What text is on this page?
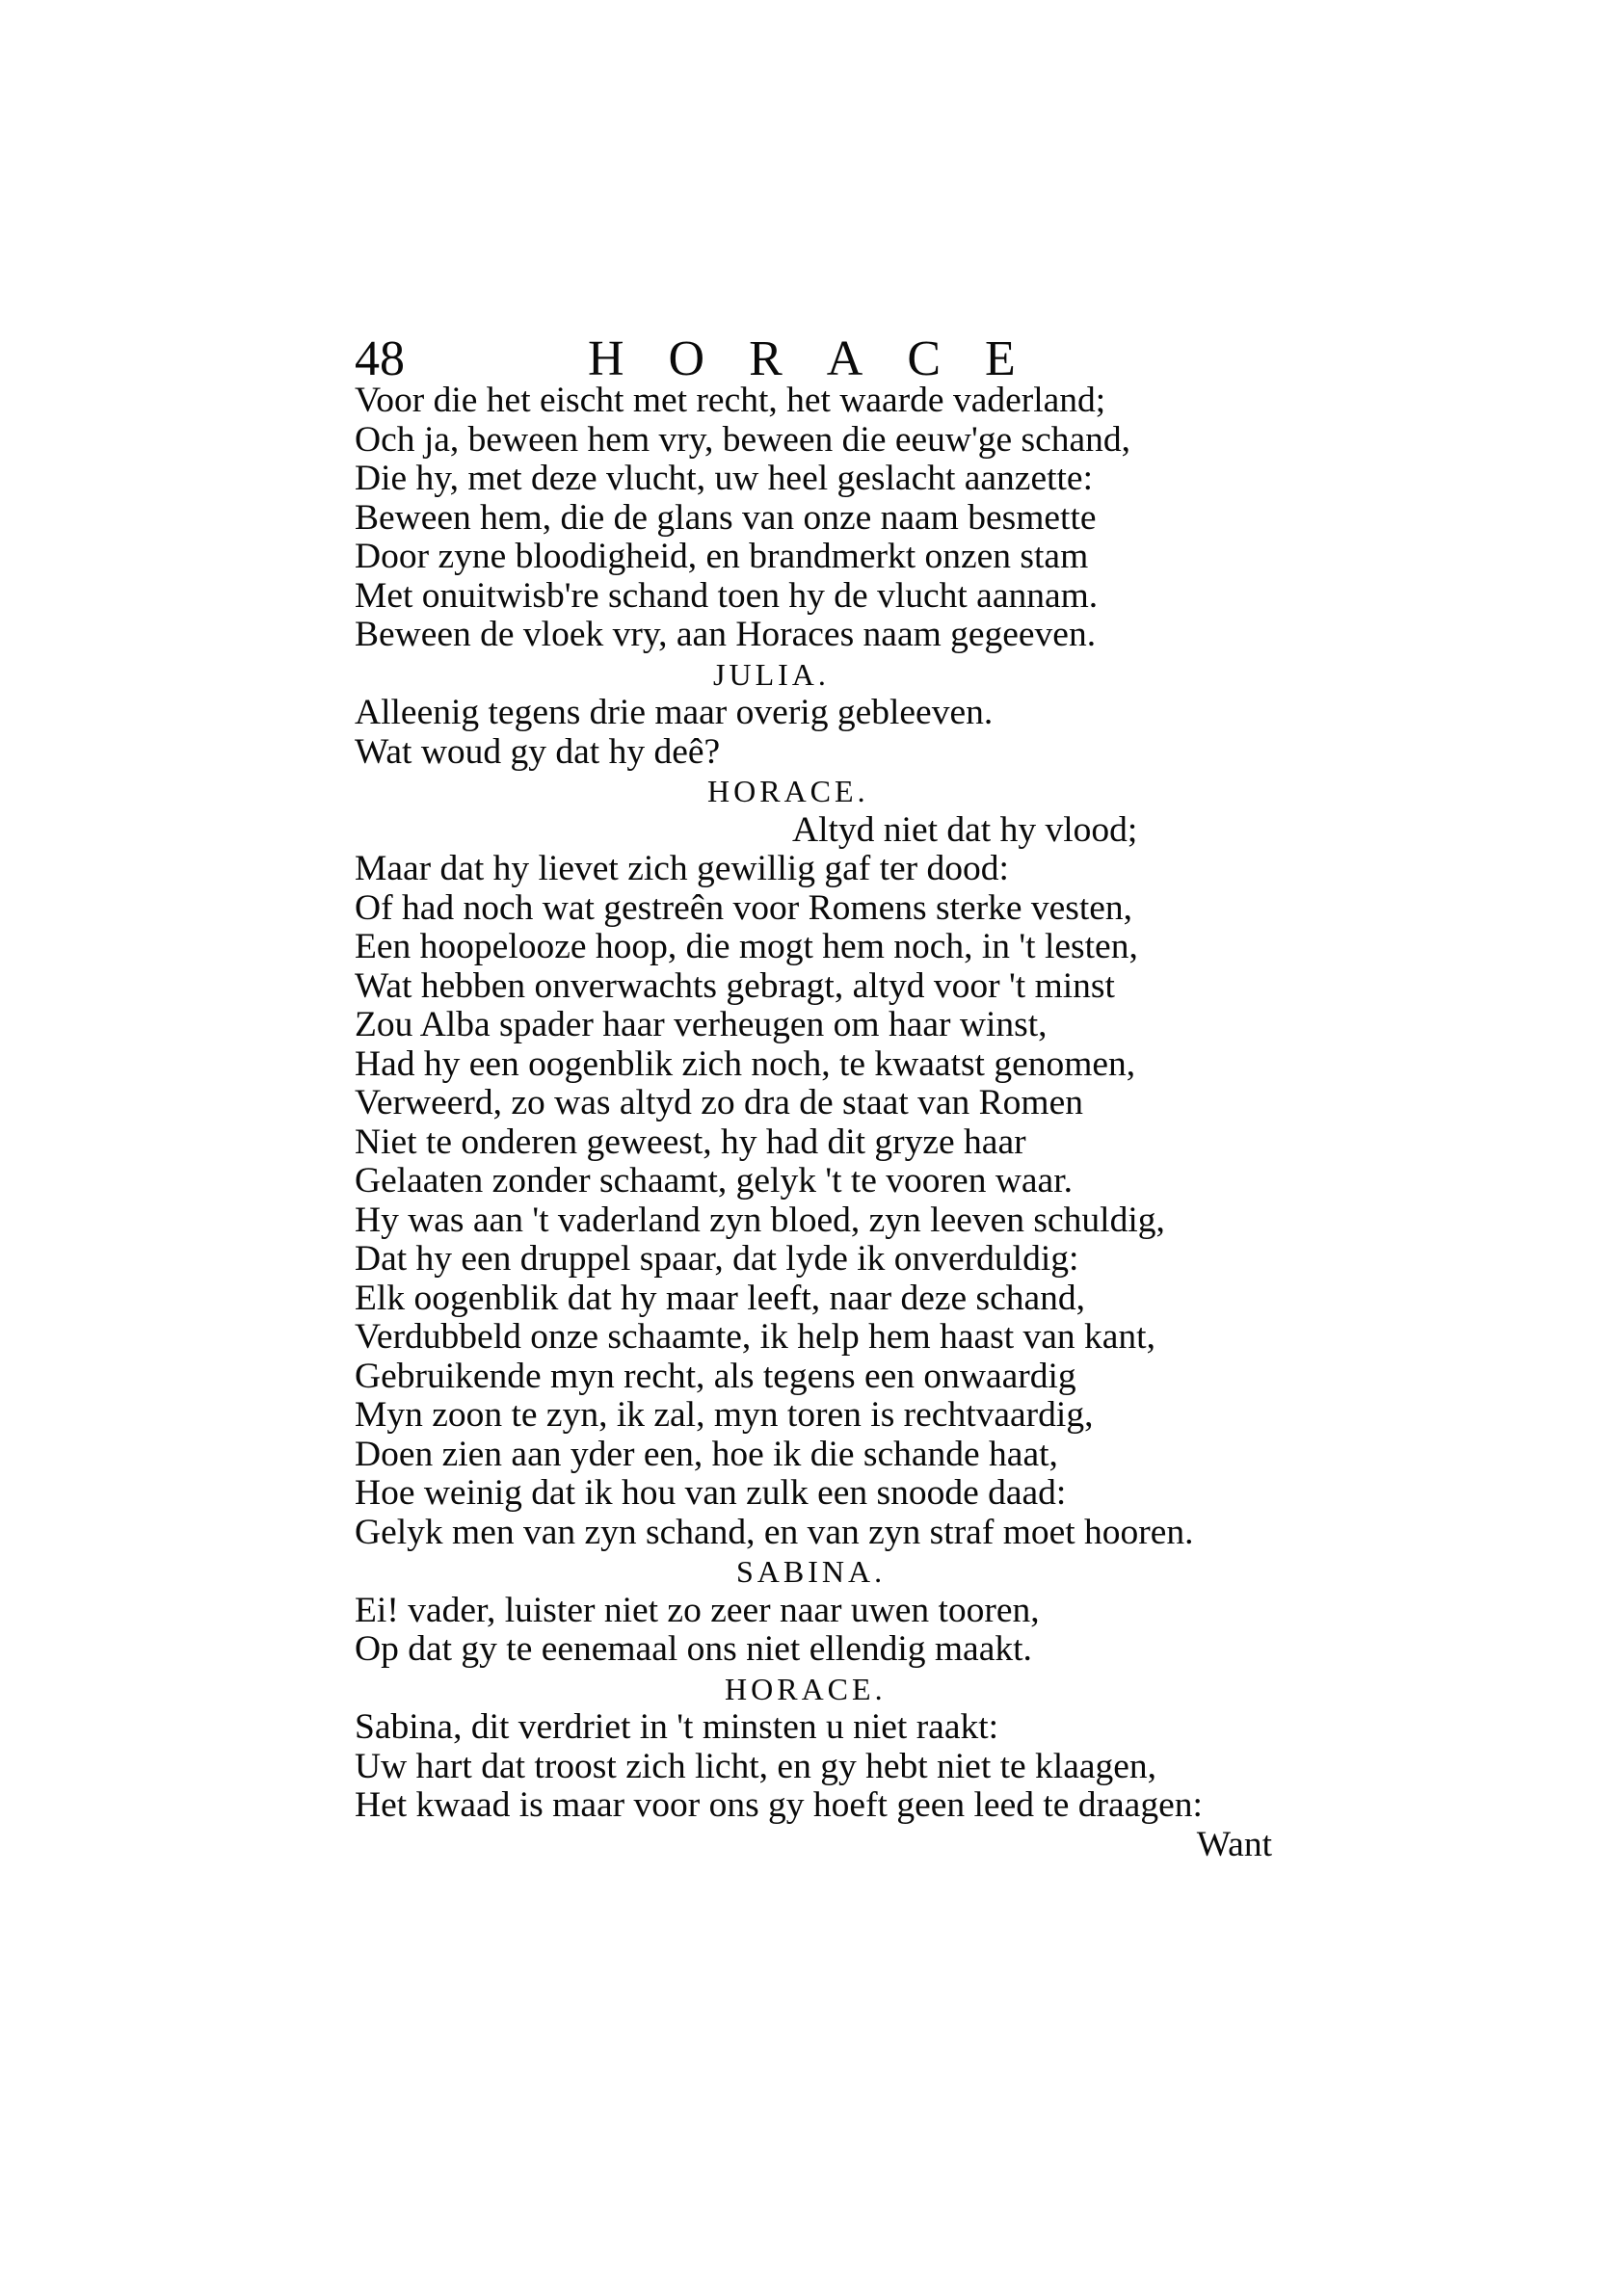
48	HORACE
Voor die het eischt met recht, het waarde vaderland;
Och ja, beween hem vry, beween die eeuw'ge schand,
Die hy, met deze vlucht, uw heel geslacht aanzette:
Beween hem, die de glans van onze naam besmette
Door zyne bloodigheid, en brandmerkt onzen stam
Met onuitwisb're schand toen hy de vlucht aannam.
Beween de vloek vry, aan Horaces naam gegeeven.
JULIA.
Alleenig tegens drie maar overig gebleeven.
Wat woud gy dat hy deê?
HORACE.
Altyd niet dat hy vlood;
Maar dat hy lievet zich gewillig gaf ter dood:
Of had noch wat gestreên voor Romens sterke vesten,
Een hoopelooze hoop, die mogt hem noch, in 't lesten,
Wat hebben onverwachts gebragt, altyd voor 't minst
Zou Alba spader haar verheugen om haar winst,
Had hy een oogenblik zich noch, te kwaatst genomen,
Verweerd, zo was altyd zo dra de staat van Romen
Niet te onderen geweest, hy had dit gryze haar
Gelaaten zonder schaamt, gelyk 't te vooren waar.
Hy was aan 't vaderland zyn bloed, zyn leeven schuldig,
Dat hy een druppel spaar, dat lyde ik onverduldig:
Elk oogenblik dat hy maar leeft, naar deze schand,
Verdubbeld onze schaamte, ik help hem haast van kant,
Gebruikende myn recht, als tegens een onwaardig
Myn zoon te zyn, ik zal, myn toren is rechtvaardig,
Doen zien aan yder een, hoe ik die schande haat,
Hoe weinig dat ik hou van zulk een snoode daad:
Gelyk men van zyn schand, en van zyn straf moet hooren.
SABINA.
Ei! vader, luister niet zo zeer naar uwen tooren,
Op dat gy te eenemaal ons niet ellendig maakt.
HORACE.
Sabina, dit verdriet in 't minsten u niet raakt:
Uw hart dat troost zich licht, en gy hebt niet te klaagen,
Het kwaad is maar voor ons gy hoeft geen leed te draagen:
Want
